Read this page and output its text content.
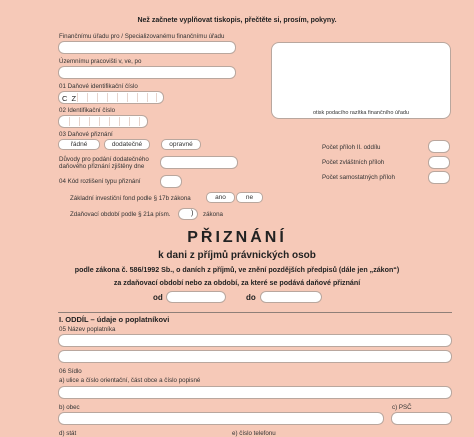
Než začnete vyplňovat tiskopis, přečtěte si, prosím, pokyny.
Finančnímu úřadu pro / Specializovanému finančnímu úřadu
Územnímu pracovišti v, ve, po
otisk podacího razítka finančního úřadu
01 Daňové identifikační číslo
C Z
02 Identifikační číslo
03 Daňové přiznání
řádné	dodatečné	opravné
Důvody pro podání dodatečného
daňového přiznání zjištěny dne
04 Kód rozlišení typu přiznání
Základní investiční fond podle § 17b zákona	ano	ne
Zdaňovací období podle § 21a písm.	) zákona
Počet příloh II. oddílu
Počet zvláštních příloh
Počet samostatných příloh
PŘIZNÁNÍ
k dani z příjmů právnických osob
podle zákona č. 586/1992 Sb., o daních z příjmů, ve znění pozdějších předpisů (dále jen „zákon“)
za zdaňovací období nebo za období, za které se podává daňové přiznání
od	do
I. ODDÍL – údaje o poplatníkovi
05 Název poplatníka
06 Sídlo
a) ulice a číslo orientační, část obce a číslo popisné
b) obec	c) PSČ
d) stát	e) číslo telefonu
